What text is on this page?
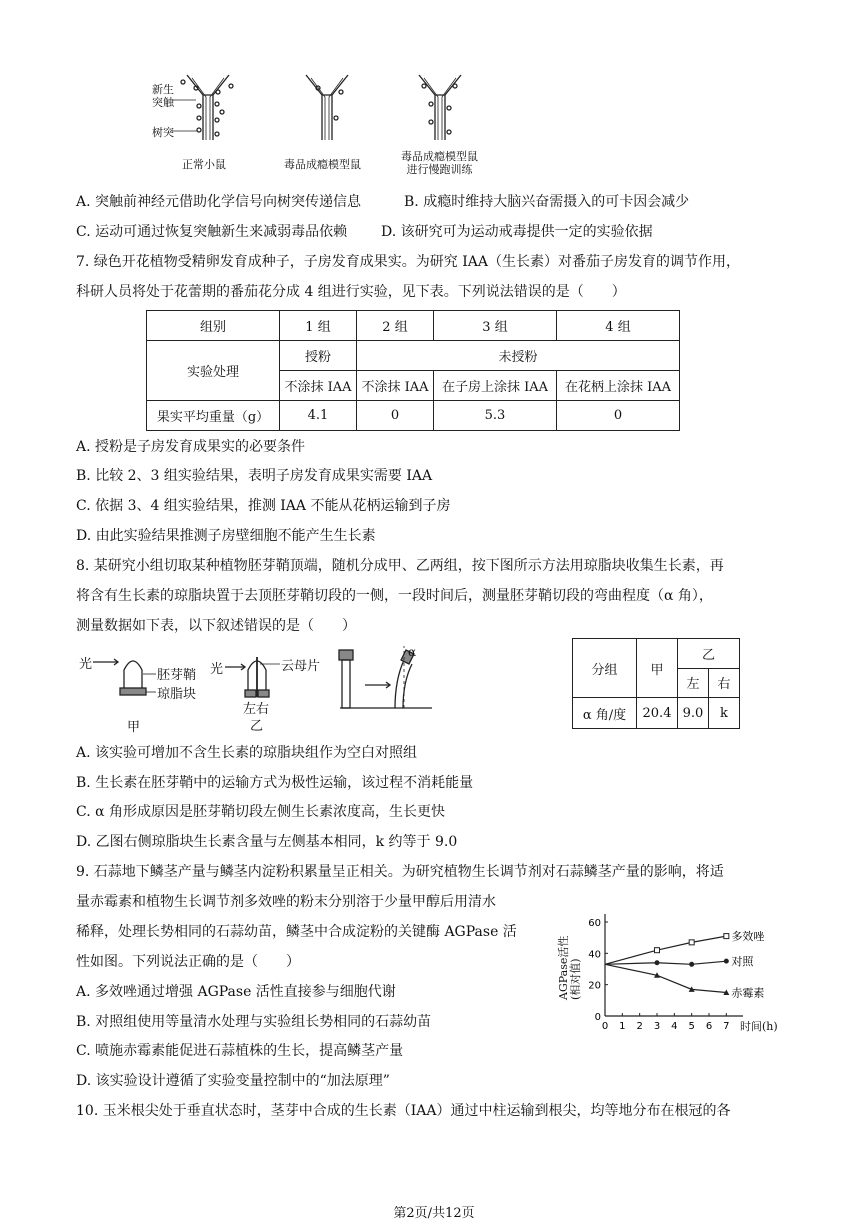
新生
突触
树突
正常小鼠	毒品成瘾模型鼠
毒品成瘾模型鼠
进行慢跑训练
A. 突触前神经元借助化学信号向树突传递信息	B. 成瘾时维持大脑兴奋需摄入的可卡因会减少
C. 运动可通过恢复突触新生来减弱毒品依赖 D. 该研究可为运动戒毒提供一定的实验依据
7. 绿色开花植物受精卵发育成种子，子房发育成果实。为研究 IAA（生长素）对番茄子房发育的调节作用，
科研人员将处于花蕾期的番茄花分成 4 组进行实验，见下表。下列说法错误的是（　　）
组别	1 组	2 组	3 组	4 组
实验处理	授粉	未授粉		
	不涂抹 IAA	不涂抹 IAA	在子房上涂抹 IAA	在花柄上涂抹 IAA
果实平均重量（g）	4.1	0	5.3	0
A. 授粉是子房发育成果实的必要条件
B. 比较 2、3 组实验结果，表明子房发育成果实需要 IAA
C. 依据 3、4 组实验结果，推测 IAA 不能从花柄运输到子房
D. 由此实验结果推测子房壁细胞不能产生生长素
8. 某研究小组切取某种植物胚芽鞘顶端，随机分成甲、乙两组，按下图所示方法用琼脂块收集生长素，再
将含有生长素的琼脂块置于去顶胚芽鞘切段的一侧，一段时间后，测量胚芽鞘切段的弯曲程度（α 角），
测量数据如下表，以下叙述错误的是（　　）
光
胚芽鞘
琼脂块
甲
光	云母片
左右
乙
α
分组	甲	乙	
		左	右
α 角/度	20.4	9.0	k
A. 该实验可增加不含生长素的琼脂块组作为空白对照组
B. 生长素在胚芽鞘中的运输方式为极性运输，该过程不消耗能量
C. α 角形成原因是胚芽鞘切段左侧生长素浓度高，生长更快
D. 乙图右侧琼脂块生长素含量与左侧基本相同，k 约等于 9.0
9. 石蒜地下鳞茎产量与鳞茎内淀粉积累量呈正相关。为研究植物生长调节剂对石蒜鳞茎产量的影响，将适
量赤霉素和植物生长调节剂多效唑的粉末分别溶于少量甲醇后用清水
稀释，处理长势相同的石蒜幼苗，鳞茎中合成淀粉的关键酶 AGPase 活
性如图。下列说法正确的是（　　）
A. 多效唑通过增强 AGPase 活性直接参与细胞代谢
B. 对照组使用等量清水处理与实验组长势相同的石蒜幼苗
C. 喷施赤霉素能促进石蒜植株的生长，提高鳞茎产量
D. 该实验设计遵循了实验变量控制中的“加法原理”
0 1 2 3 4 5 6 7
0
20
40
60
多效唑
对照
赤霉素
AGPase活性
(相对值)
时间(h)
10. 玉米根尖处于垂直状态时，茎芽中合成的生长素（IAA）通过中柱运输到根尖，均等地分布在根冠的各
第2页/共12页
